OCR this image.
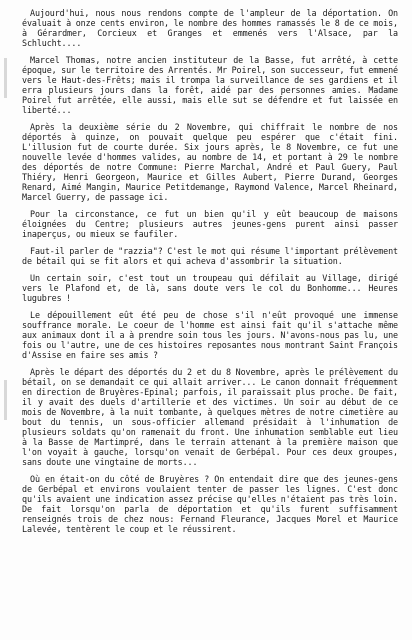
Aujourd'hui, nous nous rendons compte de l'ampleur de la déportation. On évaluait à onze cents environ, le nombre des hommes ramassés le 8 de ce mois, à Gérardmer, Corcieux et Granges et emmenés vers l'Alsace, par la Schlucht....

Marcel Thomas, notre ancien instituteur de la Basse, fut arrêté, à cette époque, sur le territoire des Arrentés. Mr Poirel, son successeur, fut emmené vers le Haut-des-Frêts; mais il trompa la surveillance de ses gardiens et il erra plusieurs jours dans la forêt, aidé par des personnes amies. Madame Poirel fut arrêtée, elle aussi, mais elle sut se défendre et fut laissée en liberté...

Après la deuxième série du 2 Novembre, qui chiffrait le nombre de nos déportés à quinze, on pouvait quelque peu espérer que c'était fini. L'illusion fut de courte durée. Six jours après, le 8 Novembre, ce fut une nouvelle levée d'hommes valides, au nombre de 14, et portant à 29 le nombre des déportés de notre Commune: Pierre Marchal, André et Paul Guery, Paul Thiéry, Henri Georgeon, Maurice et Gilles Aubert, Pierre Durand, Georges Renard, Aimé Mangin, Maurice Petitdemange, Raymond Valence, Marcel Rheinard, Marcel Guerry, de passage ici.

Pour la circonstance, ce fut un bien qu'il y eût beaucoup de maisons éloignées du Centre; plusieurs autres jeunes-gens purent ainsi passer inaperçus, ou mieux se faufiler.

Faut-il parler de "razzia"? C'est le mot qui résume l'important prélèvement de bétail qui se fit alors et qui acheva d'assombrir la situation.

Un certain soir, c'est tout un troupeau qui défilait au Village, dirigé vers le Plafond et, de là, sans doute vers le col du Bonhomme... Heures lugubres !

Le dépouillement eût été peu de chose s'il n'eût provoqué une immense souffrance morale. Le coeur de l'homme est ainsi fait qu'il s'attache même aux animaux dont il a à prendre soin tous les jours. N'avons-nous pas lu, une fois ou l'autre, une de ces histoires reposantes nous montrant Saint François d'Assise en faire ses amis ?

Après le départ des déportés du 2 et du 8 Novembre, après le prélèvement du bétail, on se demandait ce qui allait arriver... Le canon donnait fréquemment en direction de Bruyères-Epinal; parfois, il paraissait plus proche. De fait, il y avait des duels d'artillerie et des victimes. Un soir au début de ce mois de Novembre, à la nuit tombante, à quelques mètres de notre cimetière au bout du tennis, un sous-officier allemand présidait à l'inhumation de plusieurs soldats qu'on ramenait du front. Une inhumation semblable eut lieu à la Basse de Martimpré, dans le terrain attenant à la première maison que l'on voyait à gauche, lorsqu'on venait de Gerbépal. Pour ces deux groupes, sans doute une vingtaine de morts...

Où en était-on du côté de Bruyères ? On entendait dire que des jeunes-gens de Gerbépal et environs voulaient tenter de passer les lignes. C'est donc qu'ils avaient une indication assez précise qu'elles n'étaient pas très loin. De fait lorsqu'on parla de déportation et qu'ils furent suffisamment renseignés trois de chez nous: Fernand Fleurance, Jacques Morel et Maurice Lalevée, tentèrent le coup et le réussirent.
